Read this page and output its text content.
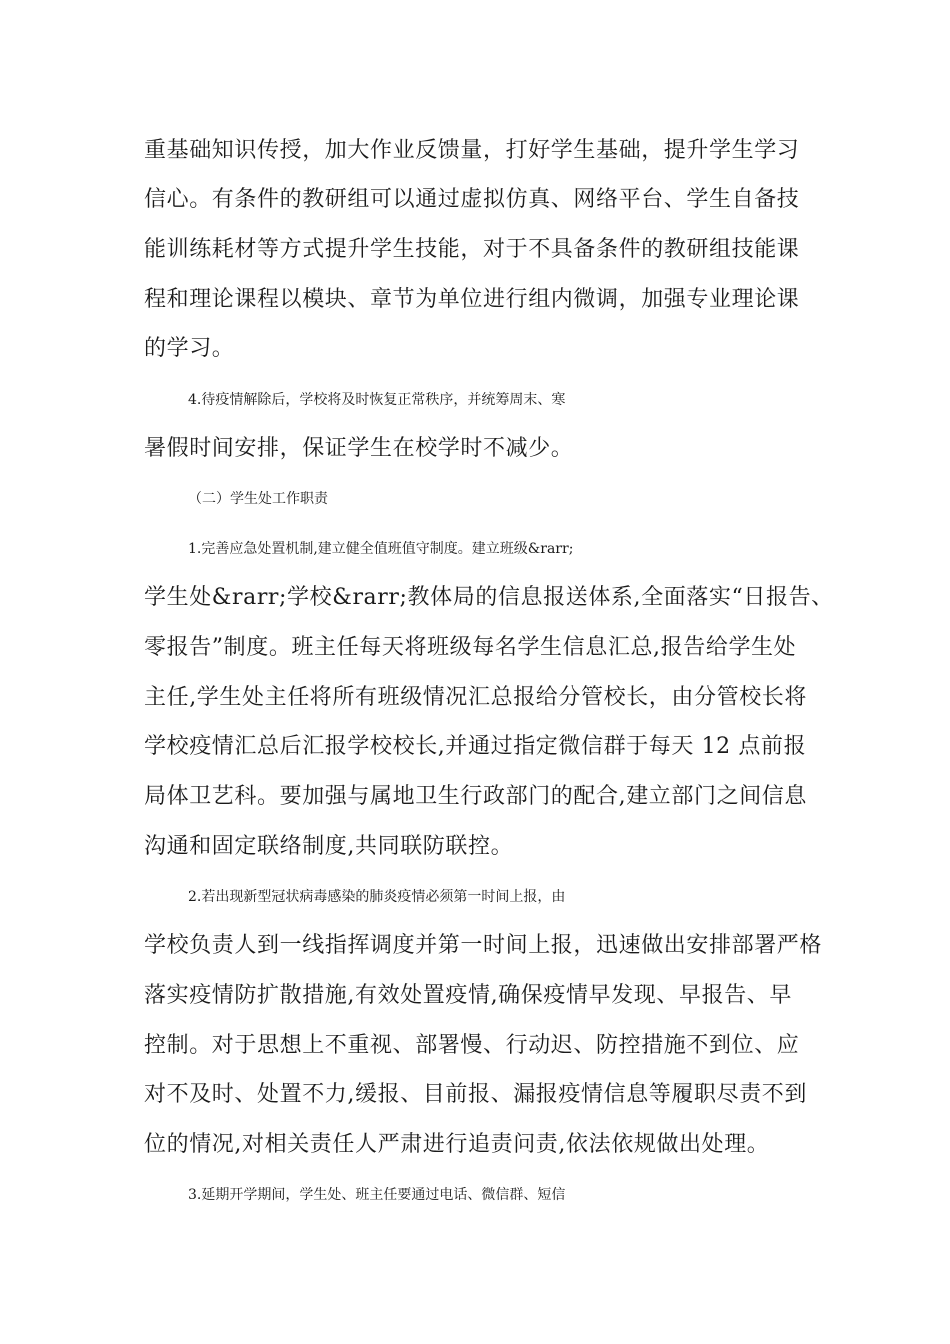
重基础知识传授，加大作业反馈量，打好学生基础，提升学生学习
信心。有条件的教研组可以通过虚拟仿真、网络平台、学生自备技
能训练耗材等方式提升学生技能，对于不具备条件的教研组技能课
程和理论课程以模块、章节为单位进行组内微调，加强专业理论课
的学习。
4.待疫情解除后，学校将及时恢复正常秩序，并统筹周末、寒
暑假时间安排，保证学生在校学时不减少。
（二）学生处工作职责
1.完善应急处置机制,建立健全值班值守制度。建立班级&rarr;
学生处&rarr;学校&rarr;教体局的信息报送体系,全面落实“日报告、
零报告”制度。班主任每天将班级每名学生信息汇总,报告给学生处
主任,学生处主任将所有班级情况汇总报给分管校长，由分管校长将
学校疫情汇总后汇报学校校长,并通过指定微信群于每天 12 点前报
局体卫艺科。要加强与属地卫生行政部门的配合,建立部门之间信息
沟通和固定联络制度,共同联防联控。
2.若出现新型冠状病毒感染的肺炎疫情必须第一时间上报，由
学校负责人到一线指挥调度并第一时间上报，迅速做出安排部署严格
落实疫情防扩散措施,有效处置疫情,确保疫情早发现、早报告、早
控制。对于思想上不重视、部署慢、行动迟、防控措施不到位、应
对不及时、处置不力,缓报、目前报、漏报疫情信息等履职尽责不到
位的情况,对相关责任人严肃进行追责问责,依法依规做出处理。
3.延期开学期间，学生处、班主任要通过电话、微信群、短信
